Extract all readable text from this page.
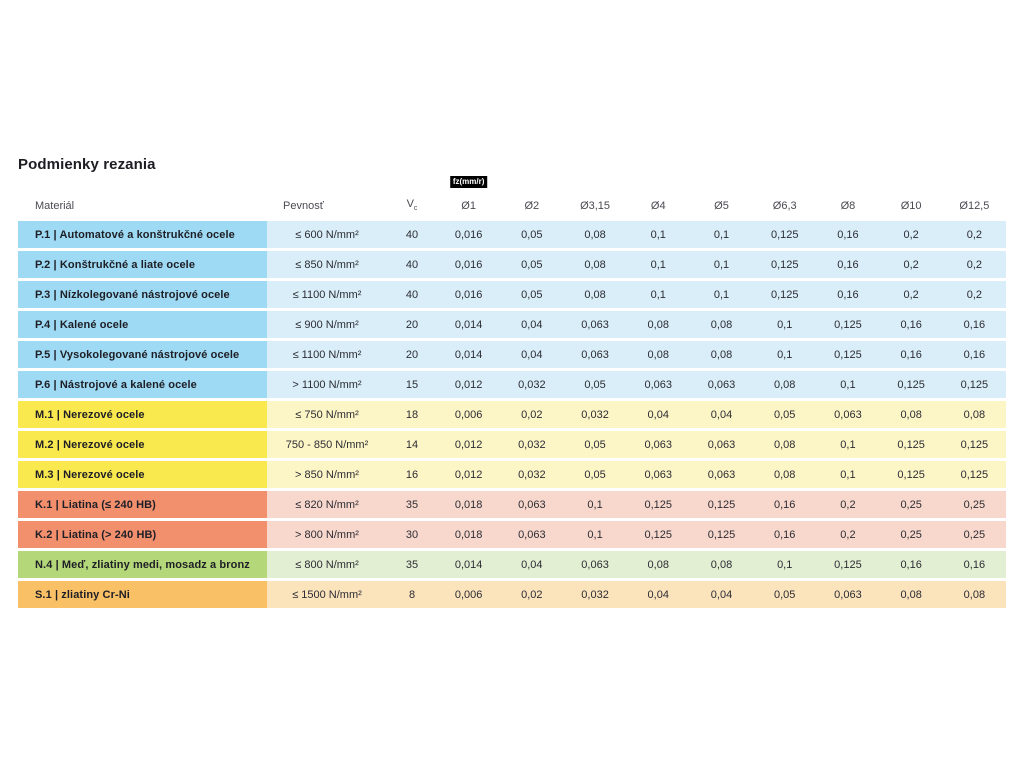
Podmienky rezania
Materiál	Pevnosť	$V_c$
fz(mm/r)
Ø1	Ø2	Ø3,15	Ø4	Ø5	Ø6,3	Ø8	Ø10	Ø12,5
P.1 | Automatové a konštrukčné ocele	≤ 600 N/mm²	40	0,016	0,05	0,08	0,1	0,1	0,125	0,16	0,2	0,2
P.2 | Konštrukčné a liate ocele	≤ 850 N/mm²	40	0,016	0,05	0,08	0,1	0,1	0,125	0,16	0,2	0,2
P.3 | Nízkolegované nástrojové ocele	≤ 1100 N/mm²	40	0,016	0,05	0,08	0,1	0,1	0,125	0,16	0,2	0,2
P.4 | Kalené ocele	≤ 900 N/mm²	20	0,014	0,04	0,063	0,08	0,08	0,1	0,125	0,16	0,16
P.5 | Vysokolegované nástrojové ocele	≤ 1100 N/mm²	20	0,014	0,04	0,063	0,08	0,08	0,1	0,125	0,16	0,16
P.6 | Nástrojové a kalené ocele	> 1100 N/mm²	15	0,012	0,032	0,05	0,063	0,063	0,08	0,1	0,125	0,125
M.1 | Nerezové ocele	≤ 750 N/mm²	18	0,006	0,02	0,032	0,04	0,04	0,05	0,063	0,08	0,08
M.2 | Nerezové ocele	750 - 850 N/mm²	14	0,012	0,032	0,05	0,063	0,063	0,08	0,1	0,125	0,125
M.3 | Nerezové ocele	> 850 N/mm²	16	0,012	0,032	0,05	0,063	0,063	0,08	0,1	0,125	0,125
K.1 | Liatina (≤ 240 HB)	≤ 820 N/mm²	35	0,018	0,063	0,1	0,125	0,125	0,16	0,2	0,25	0,25
K.2 | Liatina (> 240 HB)	> 800 N/mm²	30	0,018	0,063	0,1	0,125	0,125	0,16	0,2	0,25	0,25
N.4 | Meď, zliatiny medi, mosadz a bronz	≤ 800 N/mm²	35	0,014	0,04	0,063	0,08	0,08	0,1	0,125	0,16	0,16
S.1 | zliatiny Cr-Ni	≤ 1500 N/mm²	8	0,006	0,02	0,032	0,04	0,04	0,05	0,063	0,08	0,08
